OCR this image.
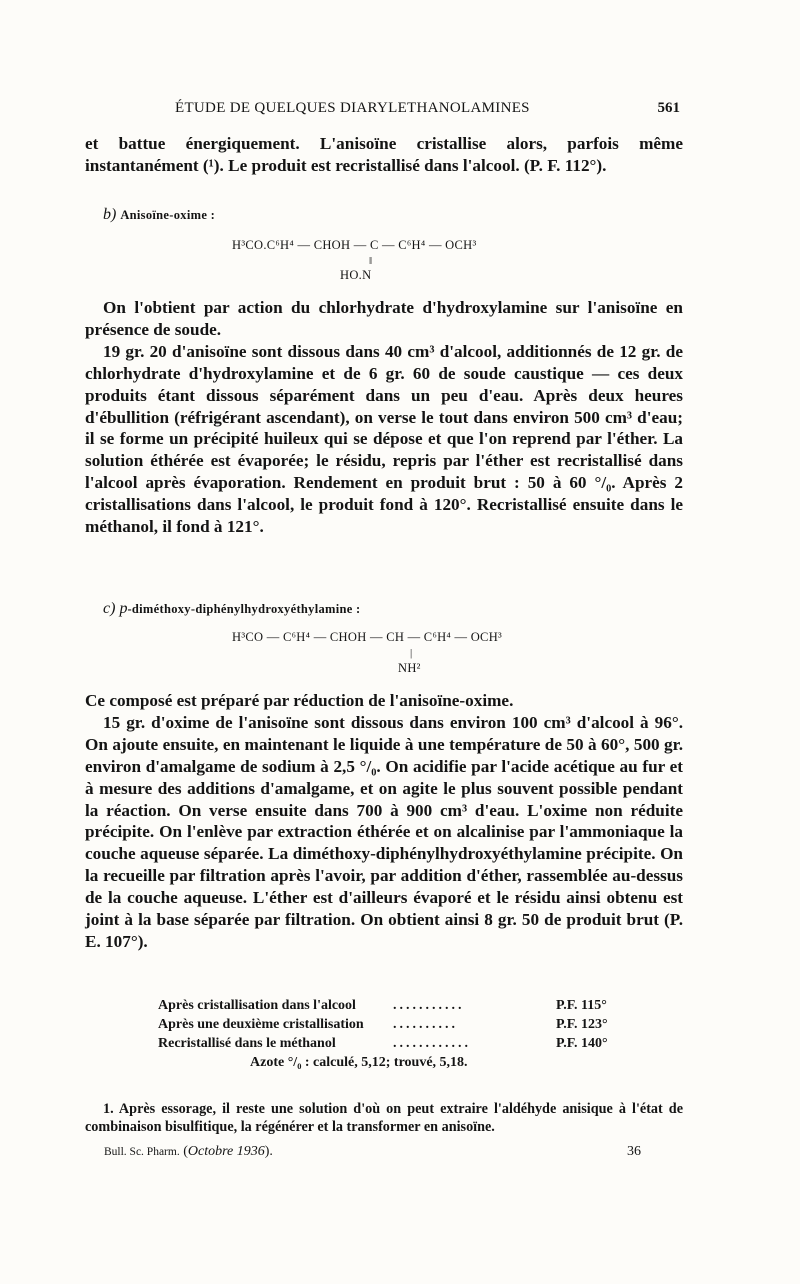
ÉTUDE DE QUELQUES DIARYLETHANOLAMINES	561

et battue énergiquement. L'anisoïne cristallise alors, parfois même instantanément (¹). Le produit est recristallisé dans l'alcool. (P. F. 112°).

b) Anisoïne-oxime :
H³CO.C⁶H⁴ — CHOH — C — C⁶H⁴ — OCH³
‖
HO.N

On l'obtient par action du chlorhydrate d'hydroxylamine sur l'anisoïne en présence de soude.

19 gr. 20 d'anisoïne sont dissous dans 40 cm³ d'alcool, additionnés de 12 gr. de chlorhydrate d'hydroxylamine et de 6 gr. 60 de soude caustique — ces deux produits étant dissous séparément dans un peu d'eau. Après deux heures d'ébullition (réfrigérant ascendant), on verse le tout dans environ 500 cm³ d'eau; il se forme un précipité huileux qui se dépose et que l'on reprend par l'éther. La solution éthérée est évaporée; le résidu, repris par l'éther est recristallisé dans l'alcool après évaporation. Rendement en produit brut : 50 à 60 °/₀. Après 2 cristallisations dans l'alcool, le produit fond à 120°. Recristallisé ensuite dans le méthanol, il fond à 121°.

c) p-diméthoxy-diphénylhydroxyéthylamine :
H³CO — C⁶H⁴ — CHOH — CH — C⁶H⁴ — OCH³
|
NH²

Ce composé est préparé par réduction de l'anisoïne-oxime.

15 gr. d'oxime de l'anisoïne sont dissous dans environ 100 cm³ d'alcool à 96°. On ajoute ensuite, en maintenant le liquide à une température de 50 à 60°, 500 gr. environ d'amalgame de sodium à 2,5 °/₀. On acidifie par l'acide acétique au fur et à mesure des additions d'amalgame, et on agite le plus souvent possible pendant la réaction. On verse ensuite dans 700 à 900 cm³ d'eau. L'oxime non réduite précipite. On l'enlève par extraction éthérée et on alcalinise par l'ammoniaque la couche aqueuse séparée. La diméthoxy-diphénylhydroxyéthylamine précipite. On la recueille par filtration après l'avoir, par addition d'éther, rassemblée au-dessus de la couche aqueuse. L'éther est d'ailleurs évaporé et le résidu ainsi obtenu est joint à la base séparée par filtration. On obtient ainsi 8 gr. 50 de produit brut (P. E. 107°).

Après cristallisation dans l'alcool	...........	P.F. 115°
Après une deuxième cristallisation ..........	P.F. 123°
Recristallisé dans le méthanol	............	P.F. 140°
Azote °/₀ : calculé, 5,12; trouvé, 5,18.

1. Après essorage, il reste une solution d'où on peut extraire l'aldéhyde anisique à l'état de combinaison bisulfitique, la régénérer et la transformer en anisoïne.

Bull. Sc. Pharm. (Octobre 1936).	36
